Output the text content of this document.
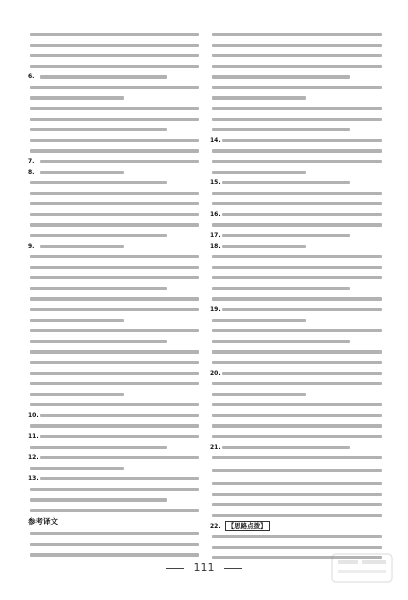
6.
7.
8.
9.
10.
11.
12.
13.
参考译文
14.
15.
16.
17.
18.
19.
20.
21.
22. 【思路点拨】
111
